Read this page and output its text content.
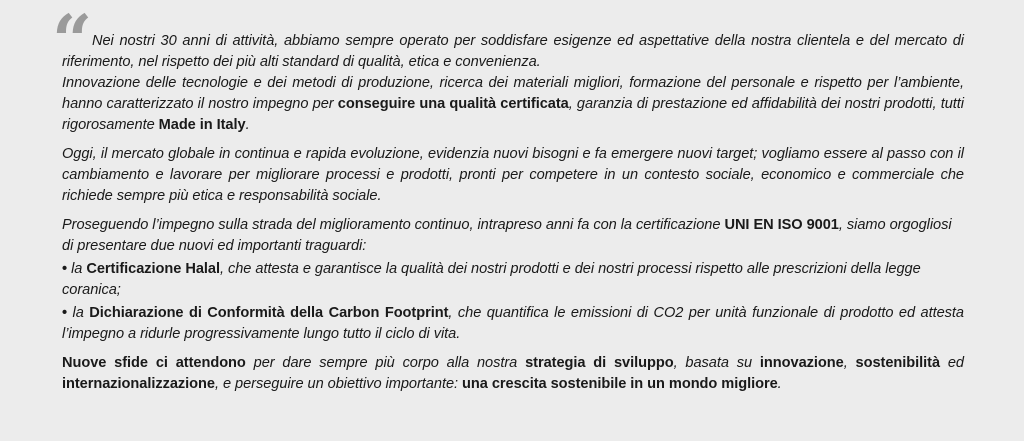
“ Nei nostri 30 anni di attività, abbiamo sempre operato per soddisfare esigenze ed aspettative della nostra clientela e del mercato di riferimento, nel rispetto dei più alti standard di qualità, etica e convenienza.
Innovazione delle tecnologie e dei metodi di produzione, ricerca dei materiali migliori, formazione del personale e rispetto per l’ambiente, hanno caratterizzato il nostro impegno per conseguire una qualità certificata, garanzia di prestazione ed affidabilità dei nostri prodotti, tutti rigorosamente Made in Italy.

Oggi, il mercato globale in continua e rapida evoluzione, evidenzia nuovi bisogni e fa emergere nuovi target; vogliamo essere al passo con il cambiamento e lavorare per migliorare processi e prodotti, pronti per competere in un contesto sociale, economico e commerciale che richiede sempre più etica e responsabilità sociale.

Proseguendo l’impegno sulla strada del miglioramento continuo, intrapreso anni fa con la certificazione UNI EN ISO 9001, siamo orgogliosi di presentare due nuovi ed importanti traguardi:

• la Certificazione Halal, che attesta e garantisce la qualità dei nostri prodotti e dei nostri processi rispetto alle prescrizioni della legge coranica;

• la Dichiarazione di Conformità della Carbon Footprint, che quantifica le emissioni di CO2 per unità funzionale di prodotto ed attesta l’impegno a ridurle progressivamente lungo tutto il ciclo di vita.

Nuove sfide ci attendono per dare sempre più corpo alla nostra strategia di sviluppo, basata su innovazione, sostenibilità ed internazionalizzazione, e perseguire un obiettivo importante: una crescita sostenibile in un mondo migliore.
